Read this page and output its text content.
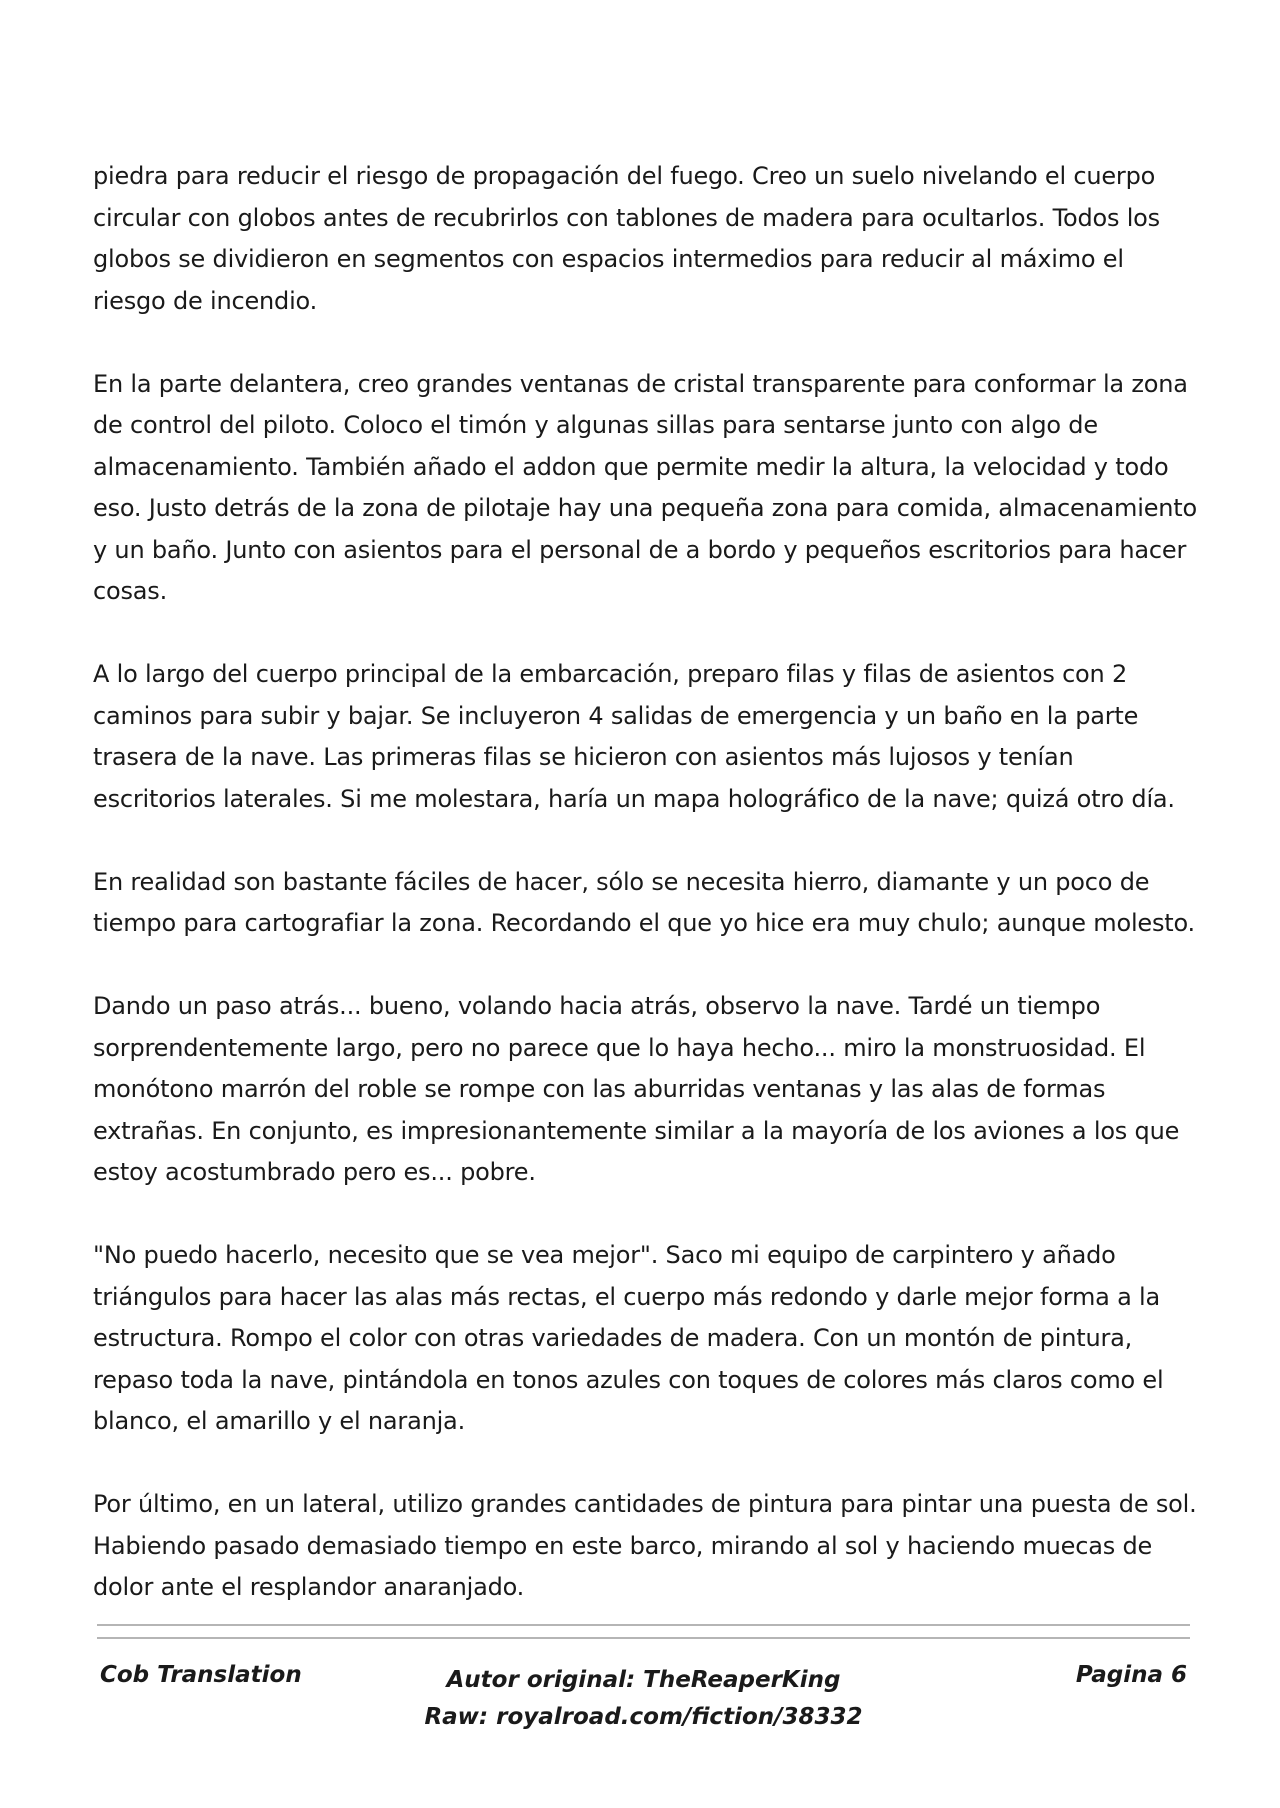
piedra para reducir el riesgo de propagación del fuego. Creo un suelo nivelando el cuerpo circular con globos antes de recubrirlos con tablones de madera para ocultarlos. Todos los globos se dividieron en segmentos con espacios intermedios para reducir al máximo el riesgo de incendio.

En la parte delantera, creo grandes ventanas de cristal transparente para conformar la zona de control del piloto. Coloco el timón y algunas sillas para sentarse junto con algo de almacenamiento. También añado el addon que permite medir la altura, la velocidad y todo eso. Justo detrás de la zona de pilotaje hay una pequeña zona para comida, almacenamiento y un baño. Junto con asientos para el personal de a bordo y pequeños escritorios para hacer cosas.

A lo largo del cuerpo principal de la embarcación, preparo filas y filas de asientos con 2 caminos para subir y bajar. Se incluyeron 4 salidas de emergencia y un baño en la parte trasera de la nave. Las primeras filas se hicieron con asientos más lujosos y tenían escritorios laterales. Si me molestara, haría un mapa holográfico de la nave; quizá otro día.

En realidad son bastante fáciles de hacer, sólo se necesita hierro, diamante y un poco de tiempo para cartografiar la zona. Recordando el que yo hice era muy chulo; aunque molesto.

Dando un paso atrás... bueno, volando hacia atrás, observo la nave. Tardé un tiempo sorprendentemente largo, pero no parece que lo haya hecho... miro la monstruosidad. El monótono marrón del roble se rompe con las aburridas ventanas y las alas de formas extrañas. En conjunto, es impresionantemente similar a la mayoría de los aviones a los que estoy acostumbrado pero es... pobre.

"No puedo hacerlo, necesito que se vea mejor". Saco mi equipo de carpintero y añado triángulos para hacer las alas más rectas, el cuerpo más redondo y darle mejor forma a la estructura. Rompo el color con otras variedades de madera. Con un montón de pintura, repaso toda la nave, pintándola en tonos azules con toques de colores más claros como el blanco, el amarillo y el naranja.

Por último, en un lateral, utilizo grandes cantidades de pintura para pintar una puesta de sol. Habiendo pasado demasiado tiempo en este barco, mirando al sol y haciendo muecas de dolor ante el resplandor anaranjado.

Cob Translation	Autor original: TheReaperKing
Raw: royalroad.com/fiction/38332
Pagina 6
